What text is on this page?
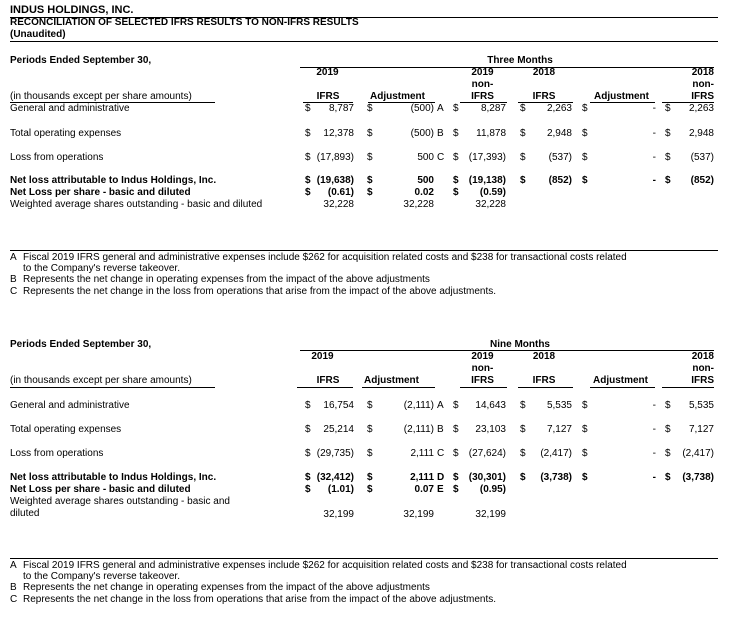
INDUS HOLDINGS, INC.
RECONCILIATION OF SELECTED IFRS RESULTS TO NON-IFRS RESULTS
(Unaudited)
Periods Ended September 30,	Three Months
2019	2019	2018	2018
non-	non-
(in thousands except per share amounts)	IFRS	Adjustment	IFRS	IFRS	Adjustment	IFRS
General and administrative	$	8,787 $	(500) A $	8,287 $	2,263 $	- $	2,263
Total operating expenses	$	12,378 $	(500) B $	11,878 $	2,948 $	- $	2,948
Loss from operations	$ (17,893) $	500 C $	(17,393) $	(537) $	- $	(537)
Net loss attributable to Indus Holdings, Inc.	$ (19,638) $	500 $	(19,138) $	(852) $	- $	(852)
Net Loss per share - basic and diluted	$	(0.61) $	0.02 $	(0.59)
Weighted average shares outstanding - basic and diluted	32,228	32,228	32,228
A Fiscal 2019 IFRS general and administrative expenses include $262 for acquisition related costs and $238 for transactional costs related
to the Company's reverse takeover.
B Represents the net change in operating expenses from the impact of the above adjustments
C Represents the net change in the loss from operations that arise from the impact of the above adjustments.
Periods Ended September 30,	Nine Months
2019	2019	2018	2018
non-	non-
(in thousands except per share amounts)	IFRS	Adjustment	IFRS	IFRS	Adjustment	IFRS
General and administrative	$	16,754 $	(2,111) A $	14,643 $	5,535 $	- $	5,535
Total operating expenses	$	25,214 $	(2,111) B $	23,103 $	7,127 $	- $	7,127
Loss from operations	$ (29,735) $	2,111 C $	(27,624) $	(2,417) $	- $	(2,417)
Net loss attributable to Indus Holdings, Inc.	$ (32,412) $	2,111 D $	(30,301) $	(3,738) $	- $	(3,738)
Net Loss per share - basic and diluted	$	(1.01) $	0.07 E $	(0.95)
Weighted average shares outstanding - basic and
diluted	32,199	32,199	32,199
A Fiscal 2019 IFRS general and administrative expenses include $262 for acquisition related costs and $238 for transactional costs related
to the Company's reverse takeover.
B Represents the net change in operating expenses from the impact of the above adjustments
C Represents the net change in the loss from operations that arise from the impact of the above adjustments.
